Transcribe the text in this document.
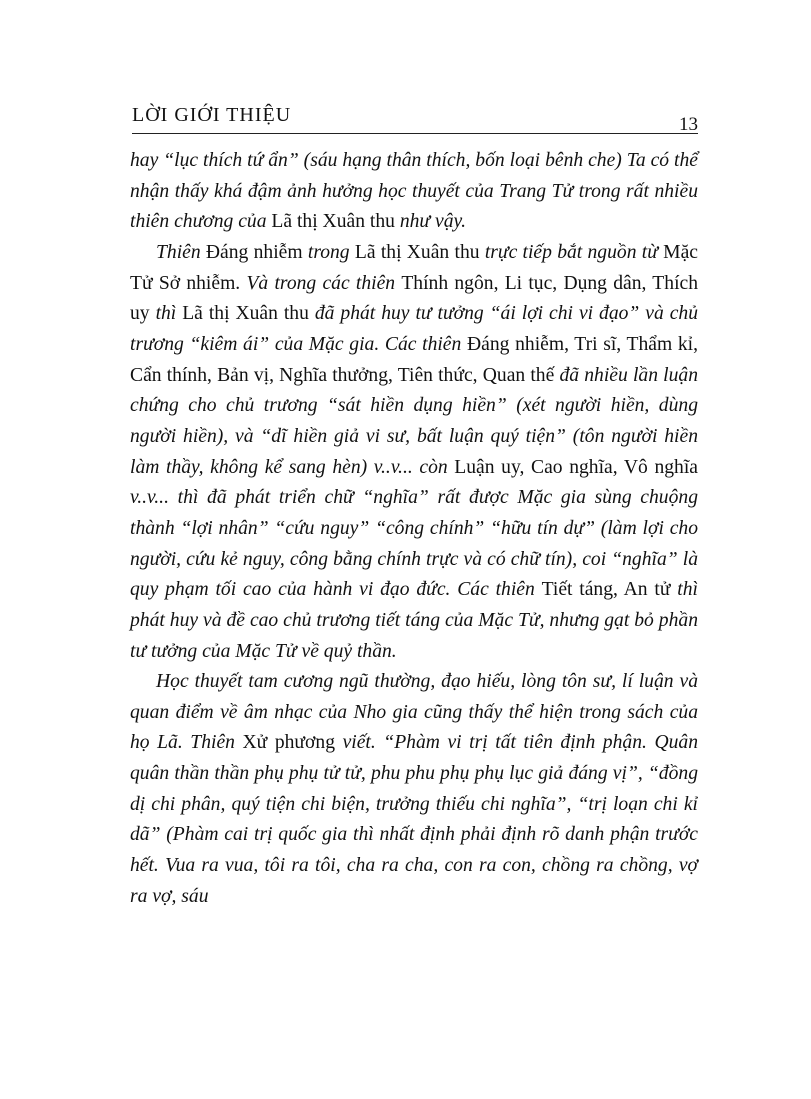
LỜI GIỚI THIỆU	13

hay “lục thích tứ ẩn” (sáu hạng thân thích, bốn loại bênh che) Ta có thể nhận thấy khá đậm ảnh hưởng học thuyết của Trang Tử trong rất nhiều thiên chương của Lã thị Xuân thu như vậy.

Thiên Đáng nhiễm trong Lã thị Xuân thu trực tiếp bắt nguồn từ Mặc Tử Sở nhiễm. Và trong các thiên Thính ngôn, Li tục, Dụng dân, Thích uy thì Lã thị Xuân thu đã phát huy tư tưởng “ái lợi chi vi đạo” và chủ trương “kiêm ái” của Mặc gia. Các thiên Đáng nhiễm, Tri sĩ, Thẩm kỉ, Cẩn thính, Bản vị, Nghĩa thưởng, Tiên thức, Quan thế đã nhiều lần luận chứng cho chủ trương “sát hiền dụng hiền” (xét người hiền, dùng người hiền), và “dĩ hiền giả vi sư, bất luận quý tiện” (tôn người hiền làm thầy, không kể sang hèn) v..v... còn Luận uy, Cao nghĩa, Vô nghĩa v..v... thì đã phát triển chữ “nghĩa” rất được Mặc gia sùng chuộng thành “lợi nhân” “cứu nguy” “công chính” “hữu tín dự” (làm lợi cho người, cứu kẻ nguy, công bằng chính trực và có chữ tín), coi “nghĩa” là quy phạm tối cao của hành vi đạo đức. Các thiên Tiết táng, An tử thì phát huy và đề cao chủ trương tiết táng của Mặc Tử, nhưng gạt bỏ phần tư tưởng của Mặc Tử về quỷ thần.

Học thuyết tam cương ngũ thường, đạo hiếu, lòng tôn sư, lí luận và quan điểm về âm nhạc của Nho gia cũng thấy thể hiện trong sách của họ Lã. Thiên Xử phương viết. “Phàm vi trị tất tiên định phận. Quân quân thần thần phụ phụ tử tử, phu phu phụ phụ lục giả đáng vị”, “đồng dị chi phân, quý tiện chi biện, trưởng thiếu chi nghĩa”, “trị loạn chi kỉ dã” (Phàm cai trị quốc gia thì nhất định phải định rõ danh phận trước hết. Vua ra vua, tôi ra tôi, cha ra cha, con ra con, chồng ra chồng, vợ ra vợ, sáu
